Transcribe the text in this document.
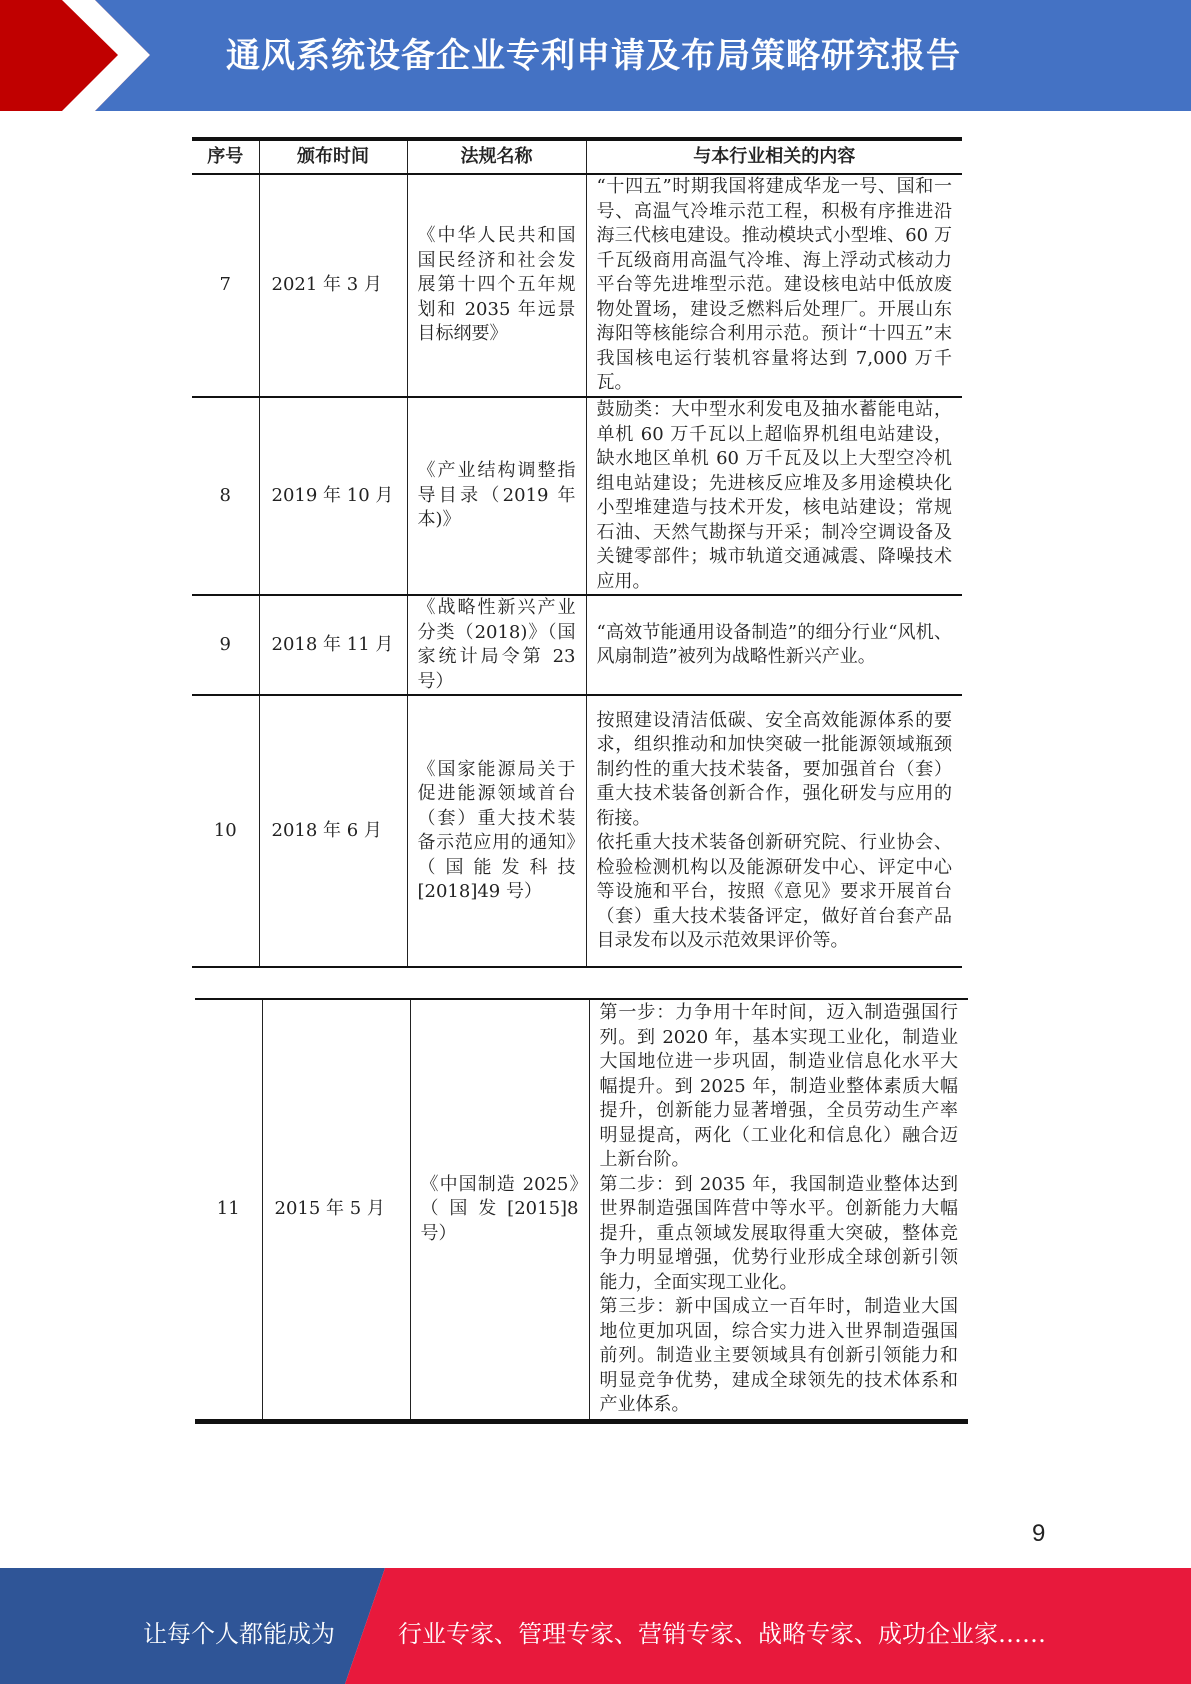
通风系统设备企业专利申请及布局策略研究报告
序号	颁布时间	法规名称	与本行业相关的内容
7	2021 年 3 月	《中华人民共和国国民经济和社会发展第十四个五年规划和 2035 年远景目标纲要》	“十四五”时期我国将建成华龙一号、国和一号、高温气冷堆示范工程，积极有序推进沿海三代核电建设。推动模块式小型堆、60 万千瓦级商用高温气冷堆、海上浮动式核动力平台等先进堆型示范。建设核电站中低放废物处置场，建设乏燃料后处理厂。开展山东海阳等核能综合利用示范。预计“十四五”末我国核电运行装机容量将达到 7,000 万千瓦。
8	2019 年 10 月	《产业结构调整指导目录（2019 年本)》	鼓励类：大中型水利发电及抽水蓄能电站，单机 60 万千瓦以上超临界机组电站建设，缺水地区单机 60 万千瓦及以上大型空冷机组电站建设；先进核反应堆及多用途模块化小型堆建造与技术开发，核电站建设；常规石油、天然气勘探与开采；制冷空调设备及关键零部件；城市轨道交通减震、降噪技术应用。
9	2018 年 11 月	《战略性新兴产业分类（2018)》（国家统计局令第 23 号）	“高效节能通用设备制造”的细分行业“风机、风扇制造”被列为战略性新兴产业。
10	2018 年 6 月	《国家能源局关于促进能源领域首台（套）重大技术装备示范应用的通知》（国能发科技[2018]49 号）	按照建设清洁低碳、安全高效能源体系的要求，组织推动和加快突破一批能源领域瓶颈制约性的重大技术装备，要加强首台（套）重大技术装备创新合作，强化研发与应用的衔接。
依托重大技术装备创新研究院、行业协会、检验检测机构以及能源研发中心、评定中心等设施和平台，按照《意见》要求开展首台（套）重大技术装备评定，做好首台套产品目录发布以及示范效果评价等。
11	2015 年 5 月	《中国制造 2025》（国发[2015]8 号）	
第一步：力争用十年时间，迈入制造强国行列。到 2020 年，基本实现工业化，制造业大国地位进一步巩固，制造业信息化水平大幅提升。到 2025 年，制造业整体素质大幅提升，创新能力显著增强，全员劳动生产率明显提高，两化（工业化和信息化）融合迈上新台阶。
第二步：到 2035 年，我国制造业整体达到世界制造强国阵营中等水平。创新能力大幅提升，重点领域发展取得重大突破，整体竞争力明显增强，优势行业形成全球创新引领能力，全面实现工业化。
第三步：新中国成立一百年时，制造业大国地位更加巩固，综合实力进入世界制造强国前列。制造业主要领域具有创新引领能力和明显竞争优势，建成全球领先的技术体系和产业体系。
9
让每个人都能成为	行业专家、管理专家、营销专家、战略专家、成功企业家……
